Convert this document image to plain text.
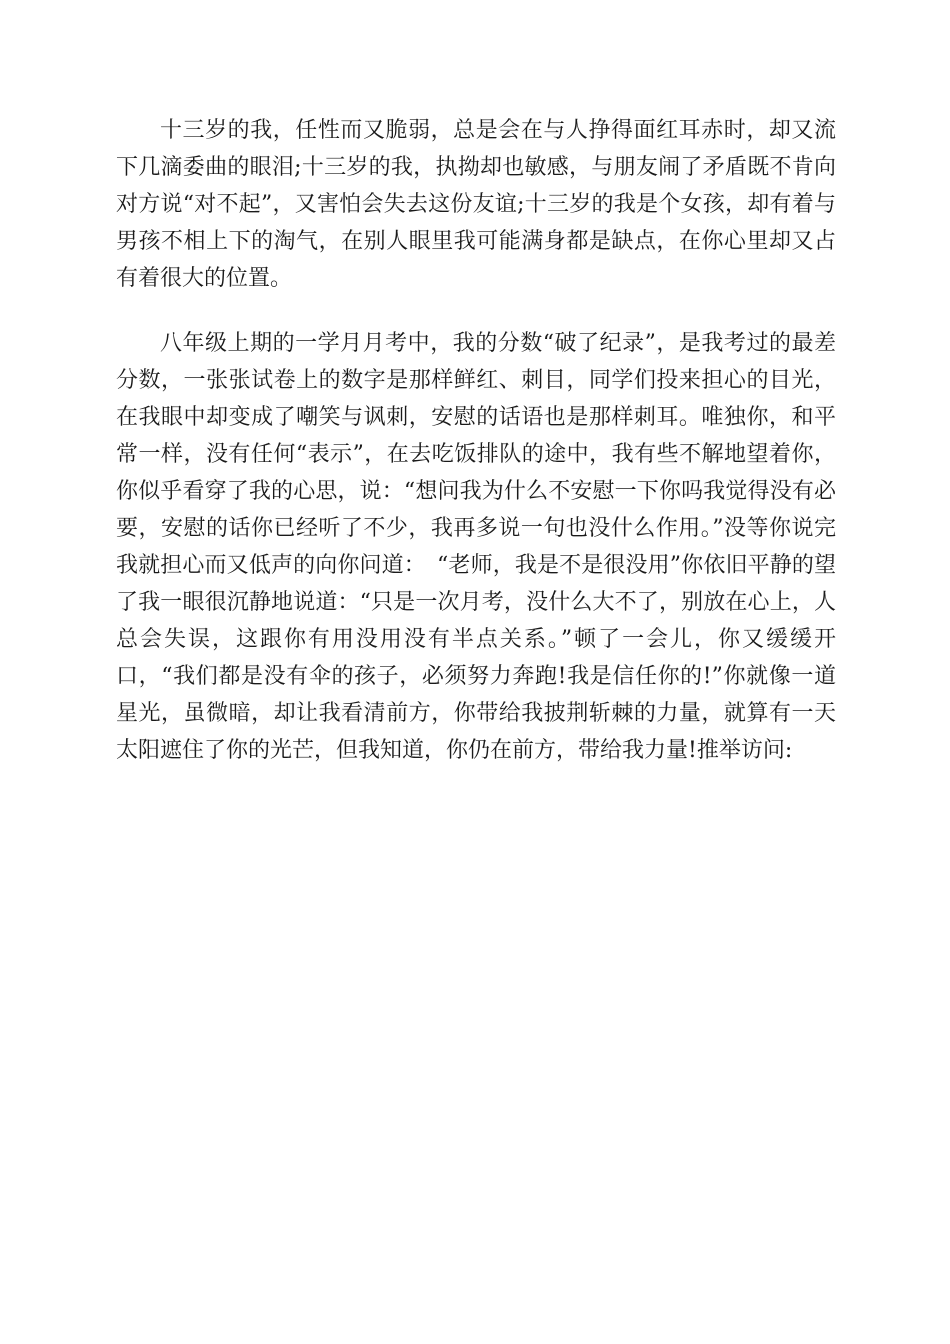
十三岁的我，任性而又脆弱，总是会在与人挣得面红耳赤时，却又流下几滴委曲的眼泪;十三岁的我，执拗却也敏感，与朋友闹了矛盾既不肯向对方说“对不起”，又害怕会失去这份友谊;十三岁的我是个女孩，却有着与男孩不相上下的淘气，在别人眼里我可能满身都是缺点，在你心里却又占有着很大的位置。

八年级上期的一学月月考中，我的分数“破了纪录”，是我考过的最差分数，一张张试卷上的数字是那样鲜红、刺目，同学们投来担心的目光，在我眼中却变成了嘲笑与讽刺，安慰的话语也是那样刺耳。唯独你，和平常一样，没有任何“表示”，在去吃饭排队的途中，我有些不解地望着你，你似乎看穿了我的心思，说：“想问我为什么不安慰一下你吗我觉得没有必要，安慰的话你已经听了不少，我再多说一句也没什么作用。”没等你说完我就担心而又低声的向你问道：　“老师，我是不是很没用”你依旧平静的望了我一眼很沉静地说道：“只是一次月考，没什么大不了，别放在心上，人总会失误，这跟你有用没用没有半点关系。”顿了一会儿，你又缓缓开口，“我们都是没有伞的孩子，必须努力奔跑!我是信任你的!”你就像一道星光，虽微暗，却让我看清前方，你带给我披荆斩棘的力量，就算有一天太阳遮住了你的光芒，但我知道，你仍在前方，带给我力量!推举访问:
